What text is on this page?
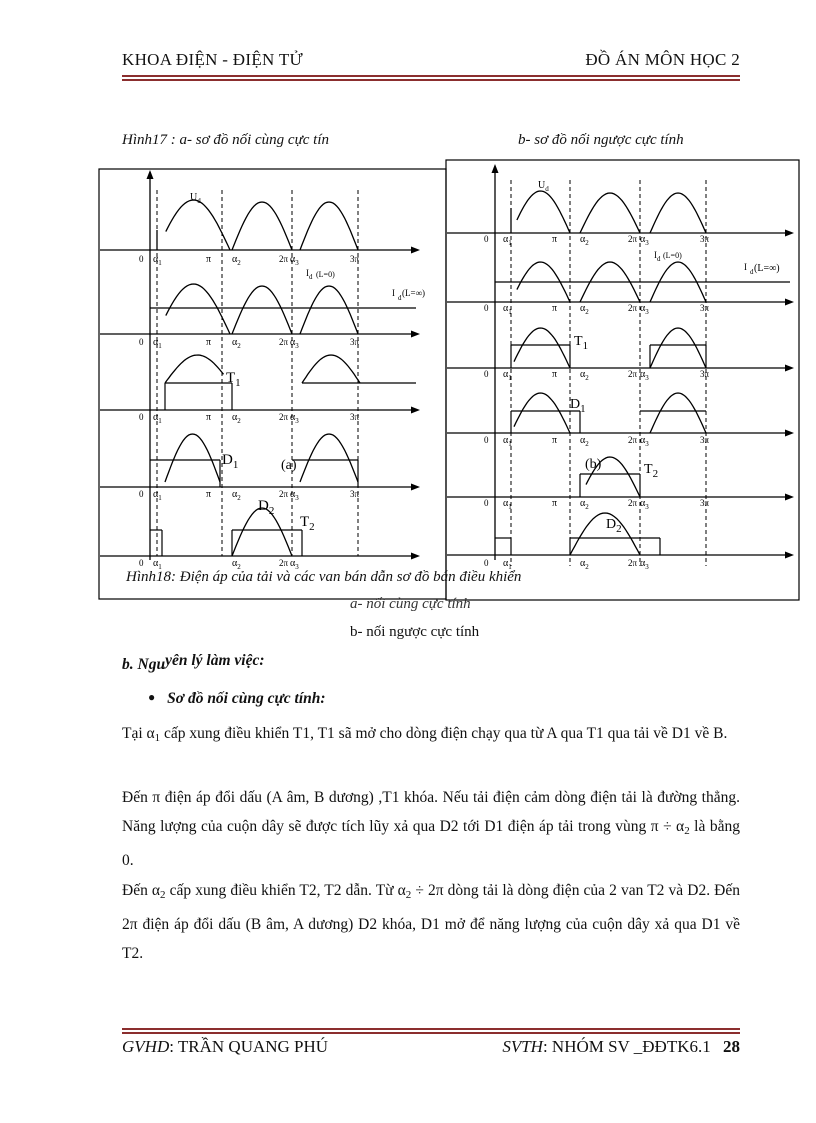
KHOA ĐIỆN - ĐIỆN TỬ	ĐỒ ÁN MÔN HỌC 2
Hình17 : a- sơ đồ nối cùng cực tín	b- sơ đồ nối ngược cực tính
$U_d$
0 $\alpha_1$	π $\alpha_2$	2π $\alpha_3$	3π
$I_d$ (L=0)
I d (L=∞)
0 $\alpha_1$	π $\alpha_2$	2π $\alpha_3$	3π
$T_1$
0 $\alpha_1$	π $\alpha_2$	2π $\alpha_3$	3π
$D_1$	(a)
0 $\alpha_1$	π $\alpha_2$	2π $\alpha_3$	3π
$D_2$
$T_2$
0 $\alpha_1$	$\alpha_2$	2π $\alpha_3$
$U_d$
0 $\alpha_1$	π $\alpha_2$	2π $\alpha_3$	3π
$I_d$ (L=0)
I d (L=∞)
0 $\alpha_1$	π $\alpha_2$	2π $\alpha_3$	3π
$T_1$
0 $\alpha_1$	π $\alpha_2$	2π $\alpha_3$	3π
$D_1$
0 $\alpha_1$	π $\alpha_2$	2π $\alpha_3$	3π
(b)	$T_2$
0 $\alpha_1$	π $\alpha_2$	2π $\alpha_3$	3π
$D_2$
0 $\alpha_1$	$\alpha_2$	2π $\alpha_3$
Hình18: Điện áp của tải và các van bán dẫn sơ đồ bán điều khiển
a- nối cùng cực tính
b- nối ngược cực tính
b. Nguyên lý làm việc:
● Sơ đồ nối cùng cực tính:
Tại $\alpha_1$ cấp xung điều khiển T1, T1 sã mở cho dòng điện chạy qua từ A qua T1 qua tải về D1 về B.
Đến π điện áp đổi dấu (A âm, B dương) ,T1 khóa. Nếu tải điện cảm dòng điện tải là đường thẳng. Năng lượng của cuộn dây sẽ được tích lũy xả qua D2 tới D1 điện áp tải trong vùng $\pi \div \alpha_2$ là bằng 0.
Đến $\alpha_2$ cấp xung điều khiển T2, T2 dẫn. Từ $\alpha_2 \div 2\pi$ dòng tải là dòng điện của 2 van T2 và D2. Đến 2π điện áp đổi dấu (B âm, A dương) D2 khóa, D1 mở để năng lượng của cuộn dây xả qua D1 về T2.
GVHD: TRẦN QUANG PHÚ	SVTH: NHÓM SV _ĐĐTK6.1 28
